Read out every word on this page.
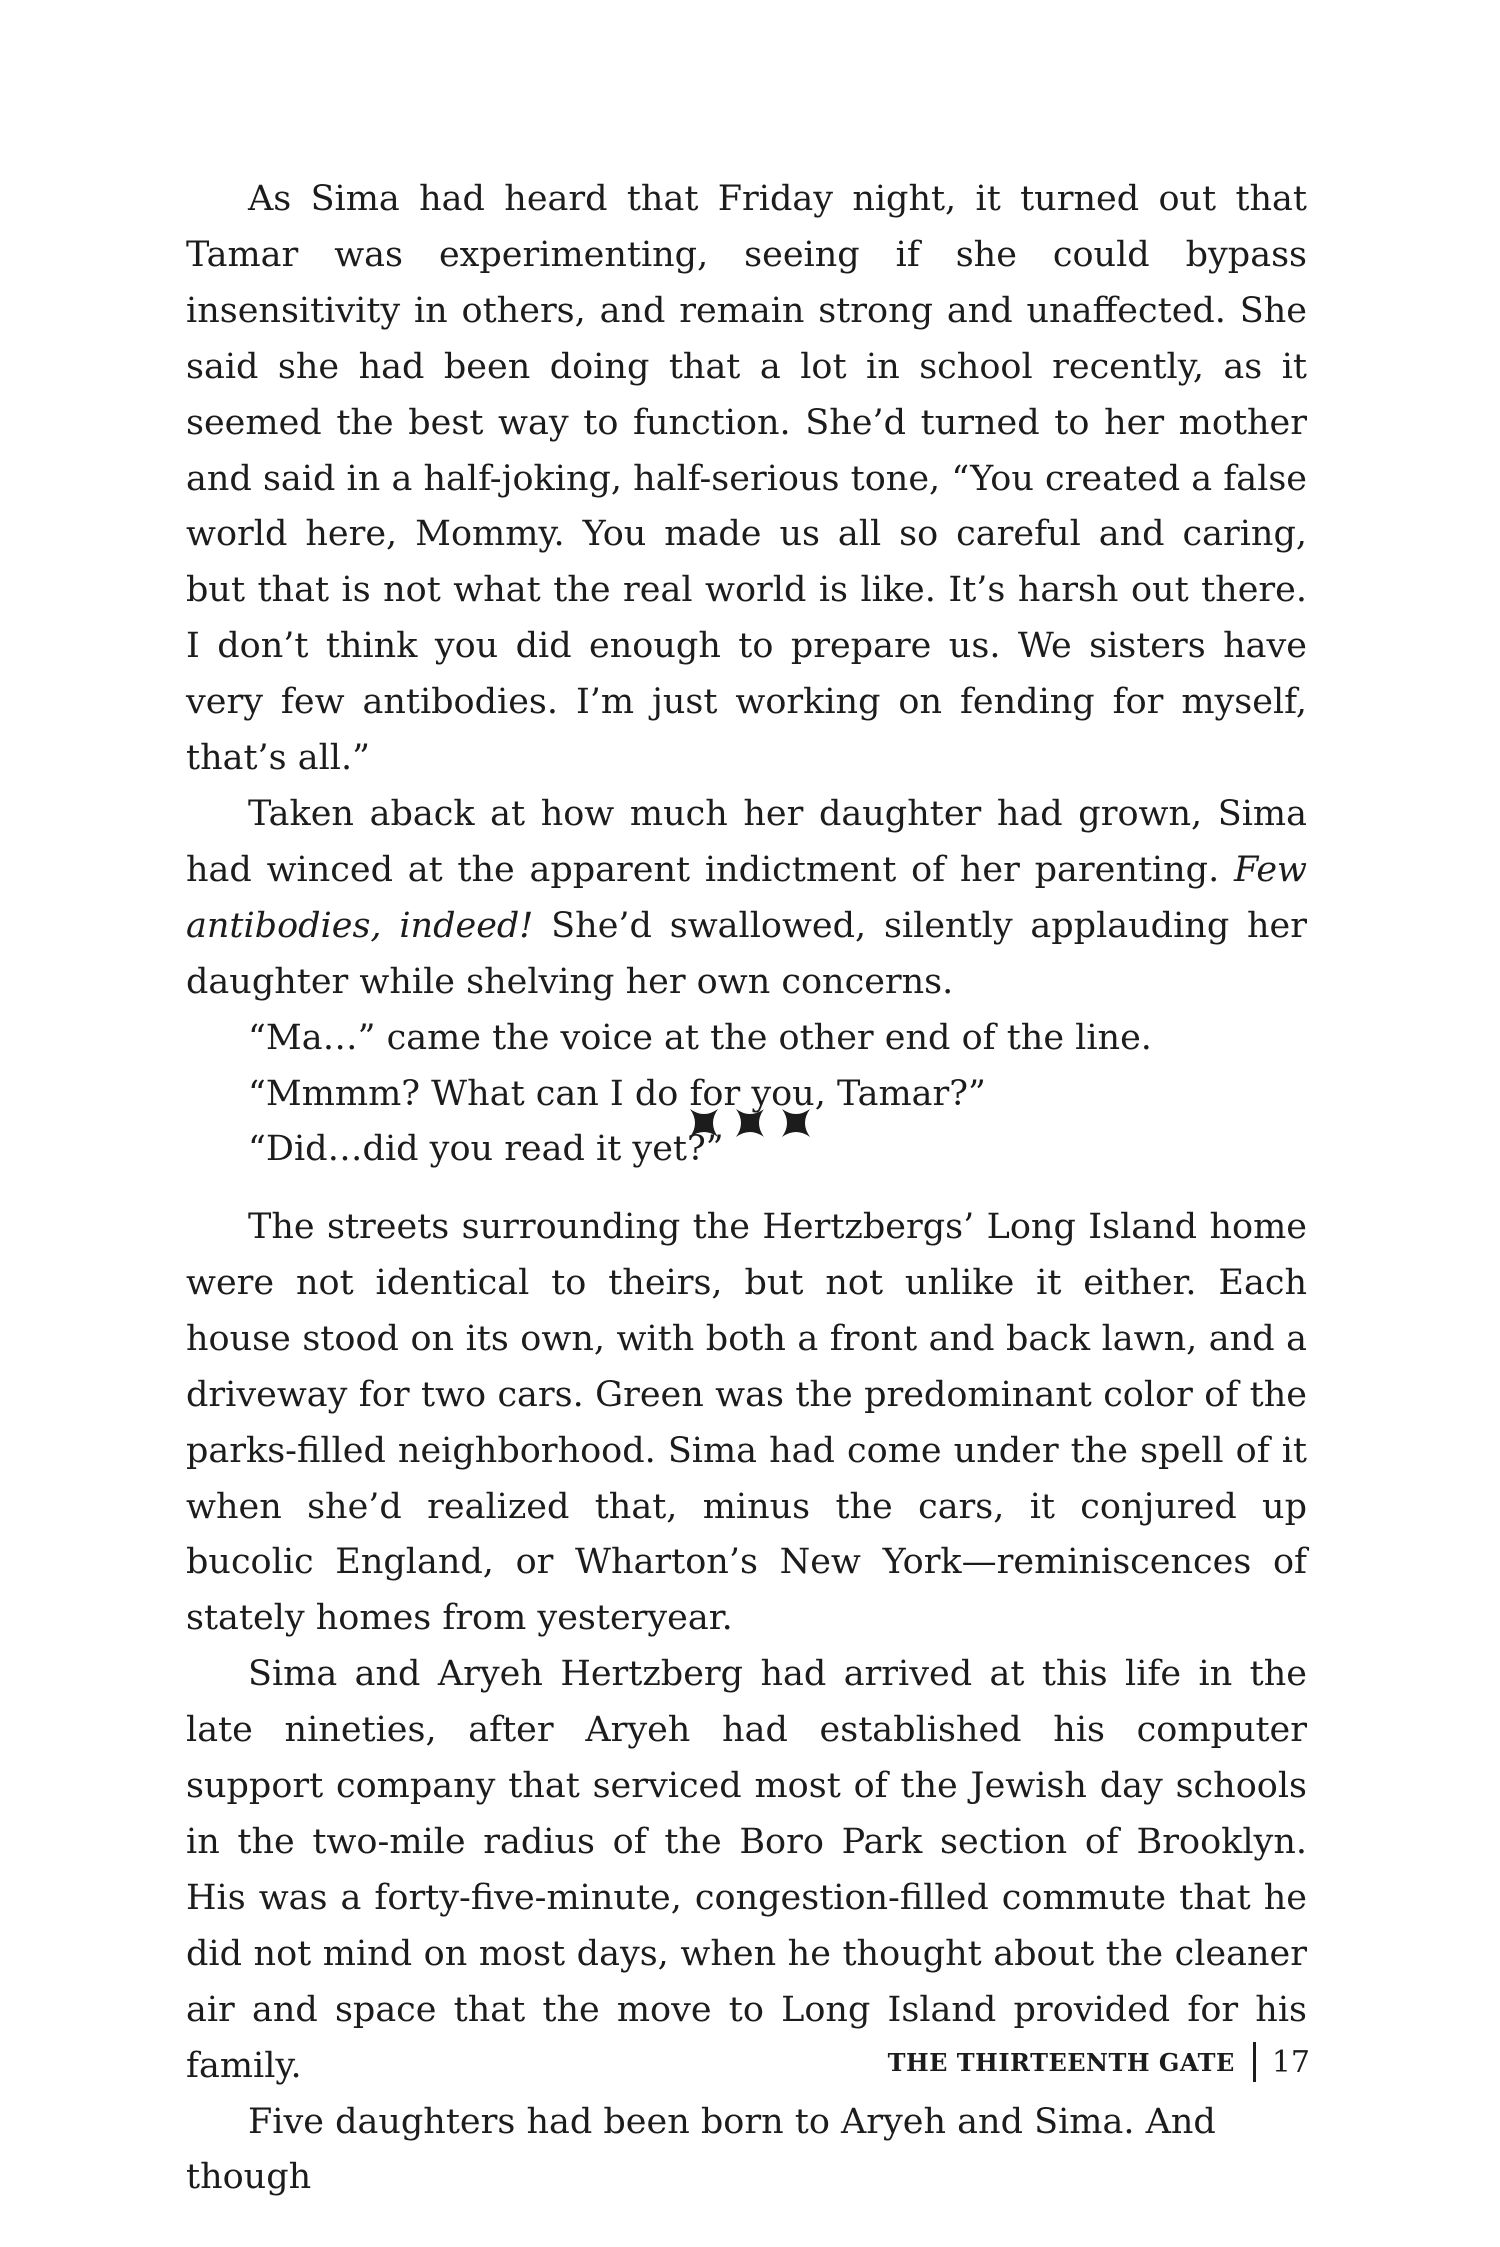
As Sima had heard that Friday night, it turned out that Tamar was experimenting, seeing if she could bypass insensitivity in others, and remain strong and unaffected. She said she had been doing that a lot in school recently, as it seemed the best way to function. She’d turned to her mother and said in a half-joking, half-serious tone, “You created a false world here, Mommy. You made us all so careful and caring, but that is not what the real world is like. It’s harsh out there. I don’t think you did enough to prepare us. We sisters have very few antibodies. I’m just working on fending for myself, that’s all.”

Taken aback at how much her daughter had grown, Sima had winced at the apparent indictment of her parenting. Few antibodies, indeed! She’d swallowed, silently applauding her daughter while shelving her own concerns.

“Ma…” came the voice at the other end of the line.

“Mmmm? What can I do for you, Tamar?”

“Did…did you read it yet?”

The streets surrounding the Hertzbergs’ Long Island home were not identical to theirs, but not unlike it either. Each house stood on its own, with both a front and back lawn, and a driveway for two cars. Green was the predominant color of the parks-filled neighborhood. Sima had come under the spell of it when she’d realized that, minus the cars, it conjured up bucolic England, or Wharton’s New York—reminiscences of stately homes from yesteryear.

Sima and Aryeh Hertzberg had arrived at this life in the late nineties, after Aryeh had established his computer support company that serviced most of the Jewish day schools in the two-mile radius of the Boro Park section of Brooklyn. His was a forty-five-minute, congestion-filled commute that he did not mind on most days, when he thought about the cleaner air and space that the move to Long Island provided for his family.

Five daughters had been born to Aryeh and Sima. And though

THE THIRTEENTH GATE 17
